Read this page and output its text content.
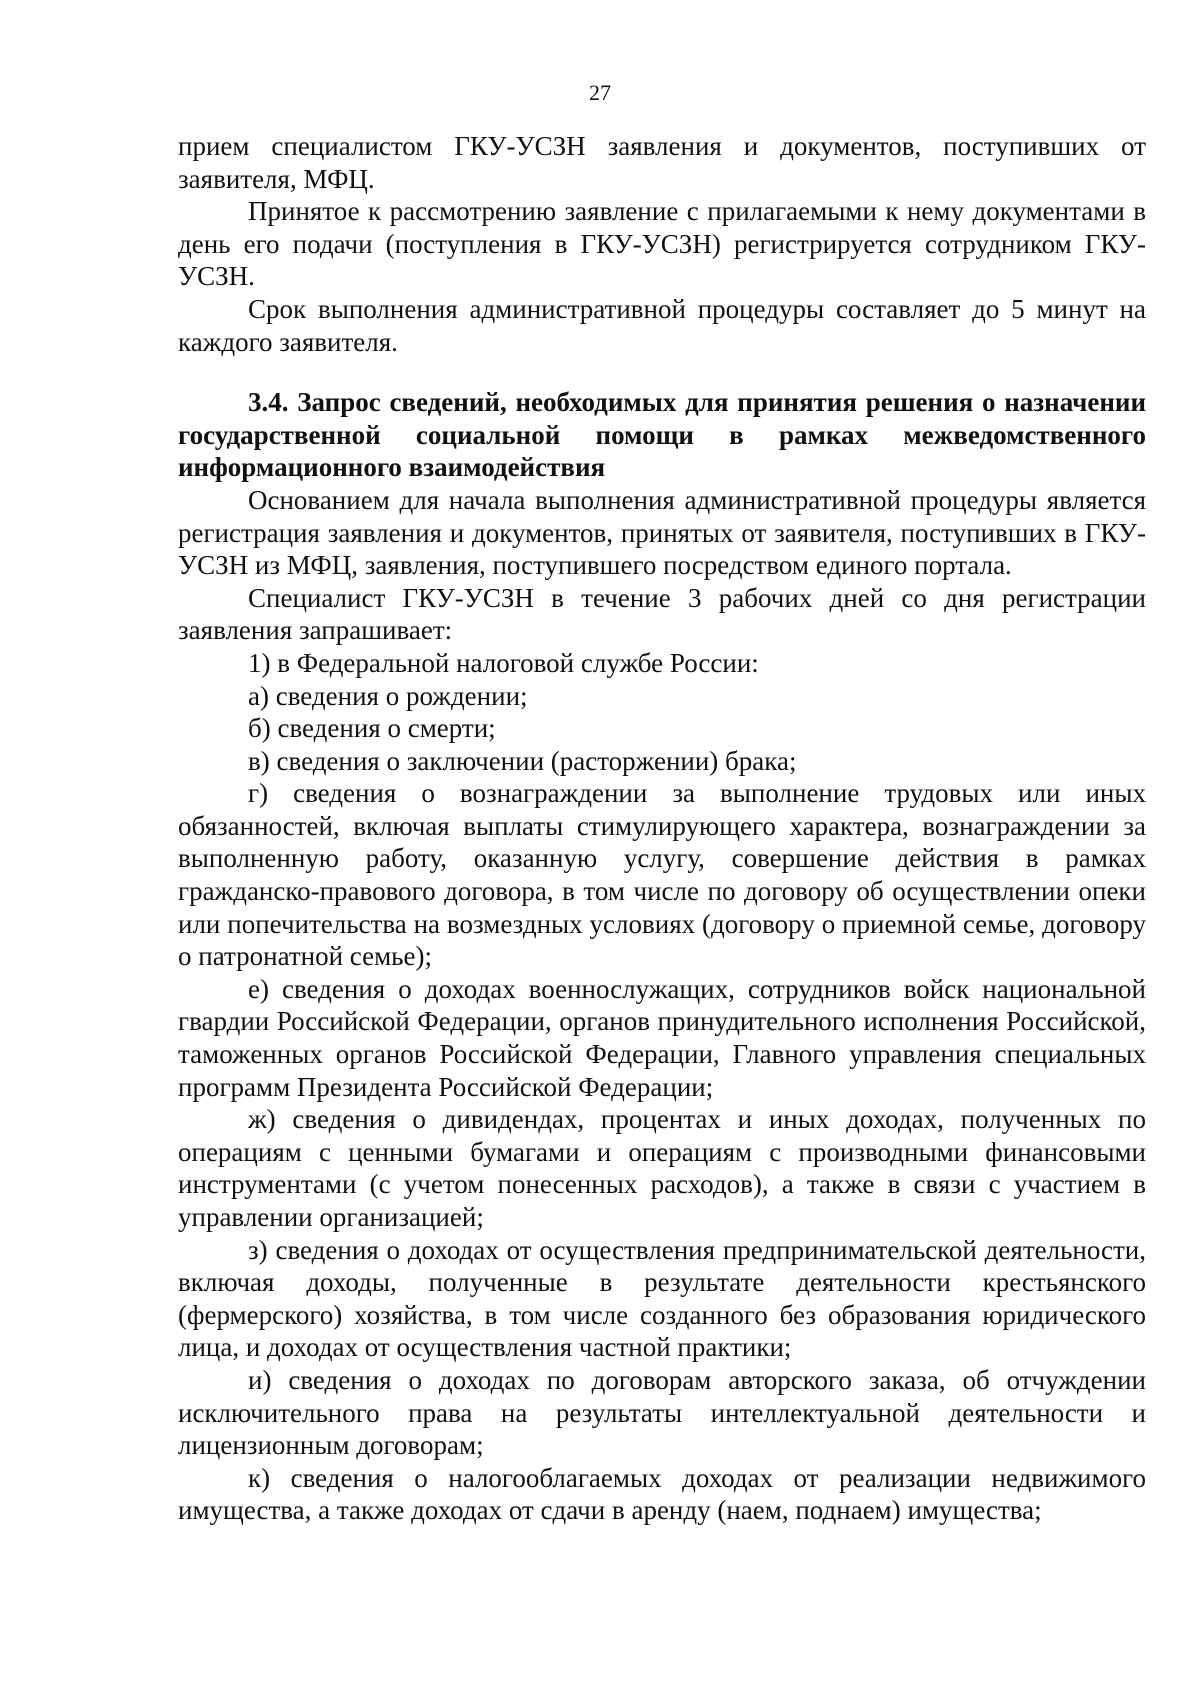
27

прием специалистом ГКУ-УСЗН заявления и документов, поступивших от заявителя, МФЦ.

Принятое к рассмотрению заявление с прилагаемыми к нему документами в день его подачи (поступления в ГКУ-УСЗН) регистрируется сотрудником ГКУ-УСЗН.

Срок выполнения административной процедуры составляет до 5 минут на каждого заявителя.

3.4. Запрос сведений, необходимых для принятия решения о назначении государственной социальной помощи в рамках межведомственного информационного взаимодействия

Основанием для начала выполнения административной процедуры является регистрация заявления и документов, принятых от заявителя, поступивших в ГКУ-УСЗН из МФЦ, заявления, поступившего посредством единого портала.

Специалист ГКУ-УСЗН в течение 3 рабочих дней со дня регистрации заявления запрашивает:

1) в Федеральной налоговой службе России:

а) сведения о рождении;

б) сведения о смерти;

в) сведения о заключении (расторжении) брака;

г) сведения о вознаграждении за выполнение трудовых или иных обязанностей, включая выплаты стимулирующего характера, вознаграждении за выполненную работу, оказанную услугу, совершение действия в рамках гражданско-правового договора, в том числе по договору об осуществлении опеки или попечительства на возмездных условиях (договору о приемной семье, договору о патронатной семье);

е) сведения о доходах военнослужащих, сотрудников войск национальной гвардии Российской Федерации, органов принудительного исполнения Российской, таможенных органов Российской Федерации, Главного управления специальных программ Президента Российской Федерации;

ж) сведения о дивидендах, процентах и иных доходах, полученных по операциям с ценными бумагами и операциям с производными финансовыми инструментами (с учетом понесенных расходов), а также в связи с участием в управлении организацией;

з) сведения о доходах от осуществления предпринимательской деятельности, включая доходы, полученные в результате деятельности крестьянского (фермерского) хозяйства, в том числе созданного без образования юридического лица, и доходах от осуществления частной практики;

и) сведения о доходах по договорам авторского заказа, об отчуждении исключительного права на результаты интеллектуальной деятельности и лицензионным договорам;

к) сведения о налогооблагаемых доходах от реализации недвижимого имущества, а также доходах от сдачи в аренду (наем, поднаем) имущества;
